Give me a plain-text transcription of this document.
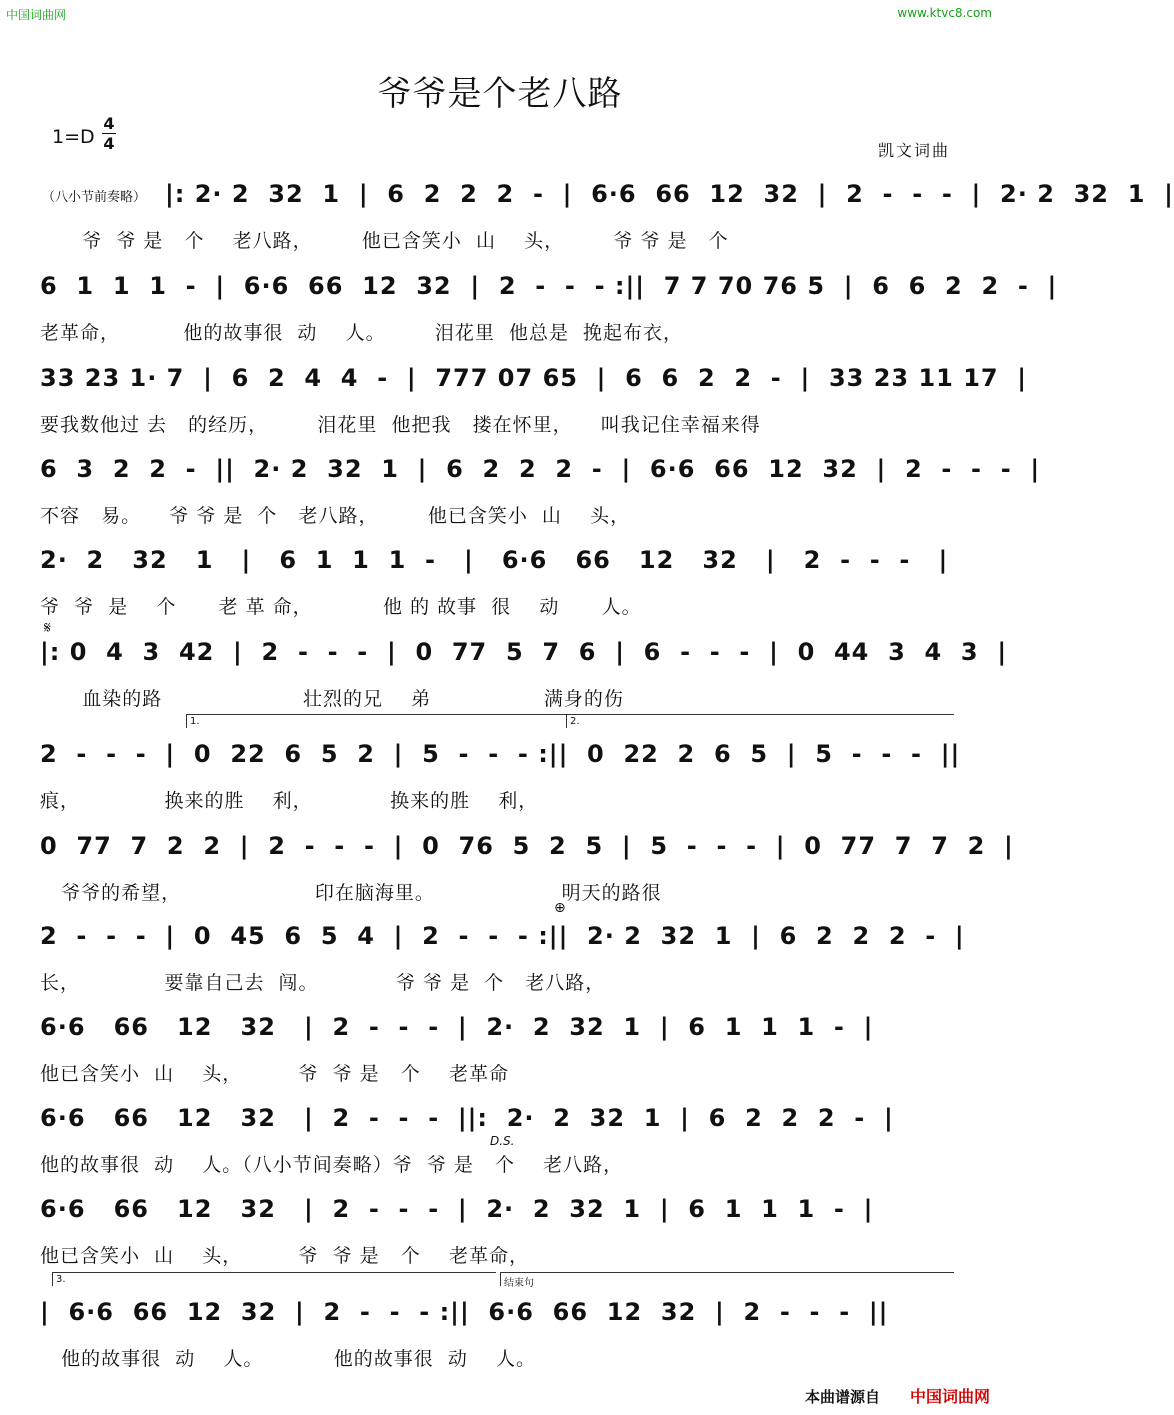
中国词曲网	www.ktvc8.com
爷爷是个老八路
1=D
4
4	凯文词曲
（八小节前奏略） |: 2· 2  32  1  |  6  2  2  2  -  |  6·6  66  12  32  |  2  -  -  -  |  2· 2  32  1  |
爷  爷 是   个    老八路，       他已含笑小  山    头，       爷 爷 是   个
6  1  1  1  -  |  6·6  66  12  32  |  2  -  -  - :||  7 7 70 76 5  |  6  6  2  2  -  |
老革命，         他的故事很  动    人。       泪花里  他总是  挽起布衣，
33 23 1· 7  |  6  2  4  4  -  |  777 07 65  |  6  6  2  2  -  |  33 23 11 17  |
要我数他过 去   的经历，       泪花里  他把我   搂在怀里，    叫我记住幸福来得
6  3  2  2  -  ||  2· 2  32  1  |  6  2  2  2  -  |  6·6  66  12  32  |  2  -  -  -  |
不容   易。    爷 爷 是  个   老八路，       他已含笑小  山    头，
2·  2   32   1   |   6  1  1  1  -   |   6·6   66   12   32   |   2  -  -  -   |
爷  爷  是    个      老 革 命，          他 的 故事  很    动      人。
𝄋
|: 0  4  3  42  |  2  -  -  -  |  0  77  5  7  6  |  6  -  -  -  |  0  44  3  4  3  |
血染的路                    壮烈的兄    弟                满身的伤
1.	2.
2  -  -  -  |  0  22  6  5  2  |  5  -  -  - :||  0  22  2  6  5  |  5  -  -  -  ||
痕，            换来的胜    利，           换来的胜    利，
0  77  7  2  2  |  2  -  -  -  |  0  76  5  2  5  |  5  -  -  -  |  0  77  7  7  2  |
爷爷的希望，                   印在脑海里。                  明天的路很
⊕
2  -  -  -  |  0  45  6  5  4  |  2  -  -  - :||  2· 2  32  1  |  6  2  2  2  -  |
长，            要靠自己去  闯。           爷 爷 是  个   老八路，
6·6   66   12   32   |  2  -  -  -  |  2·  2  32  1  |  6  1  1  1  -  |
他已含笑小  山    头，        爷  爷 是   个    老革命
D.S.
6·6   66   12   32   |  2  -  -  -  ||:  2·  2  32  1  |  6  2  2  2  -  |
他的故事很  动    人。（八小节间奏略）爷  爷 是   个    老八路，
6·6   66   12   32   |  2  -  -  -  |  2·  2  32  1  |  6  1  1  1  -  |
他已含笑小  山    头，        爷  爷 是   个    老革命，
3.	结束句
|  6·6  66  12  32  |  2  -  -  - :||  6·6  66  12  32  |  2  -  -  -  ||
他的故事很  动    人。          他的故事很  动    人。
本曲谱源自 中国词曲网
